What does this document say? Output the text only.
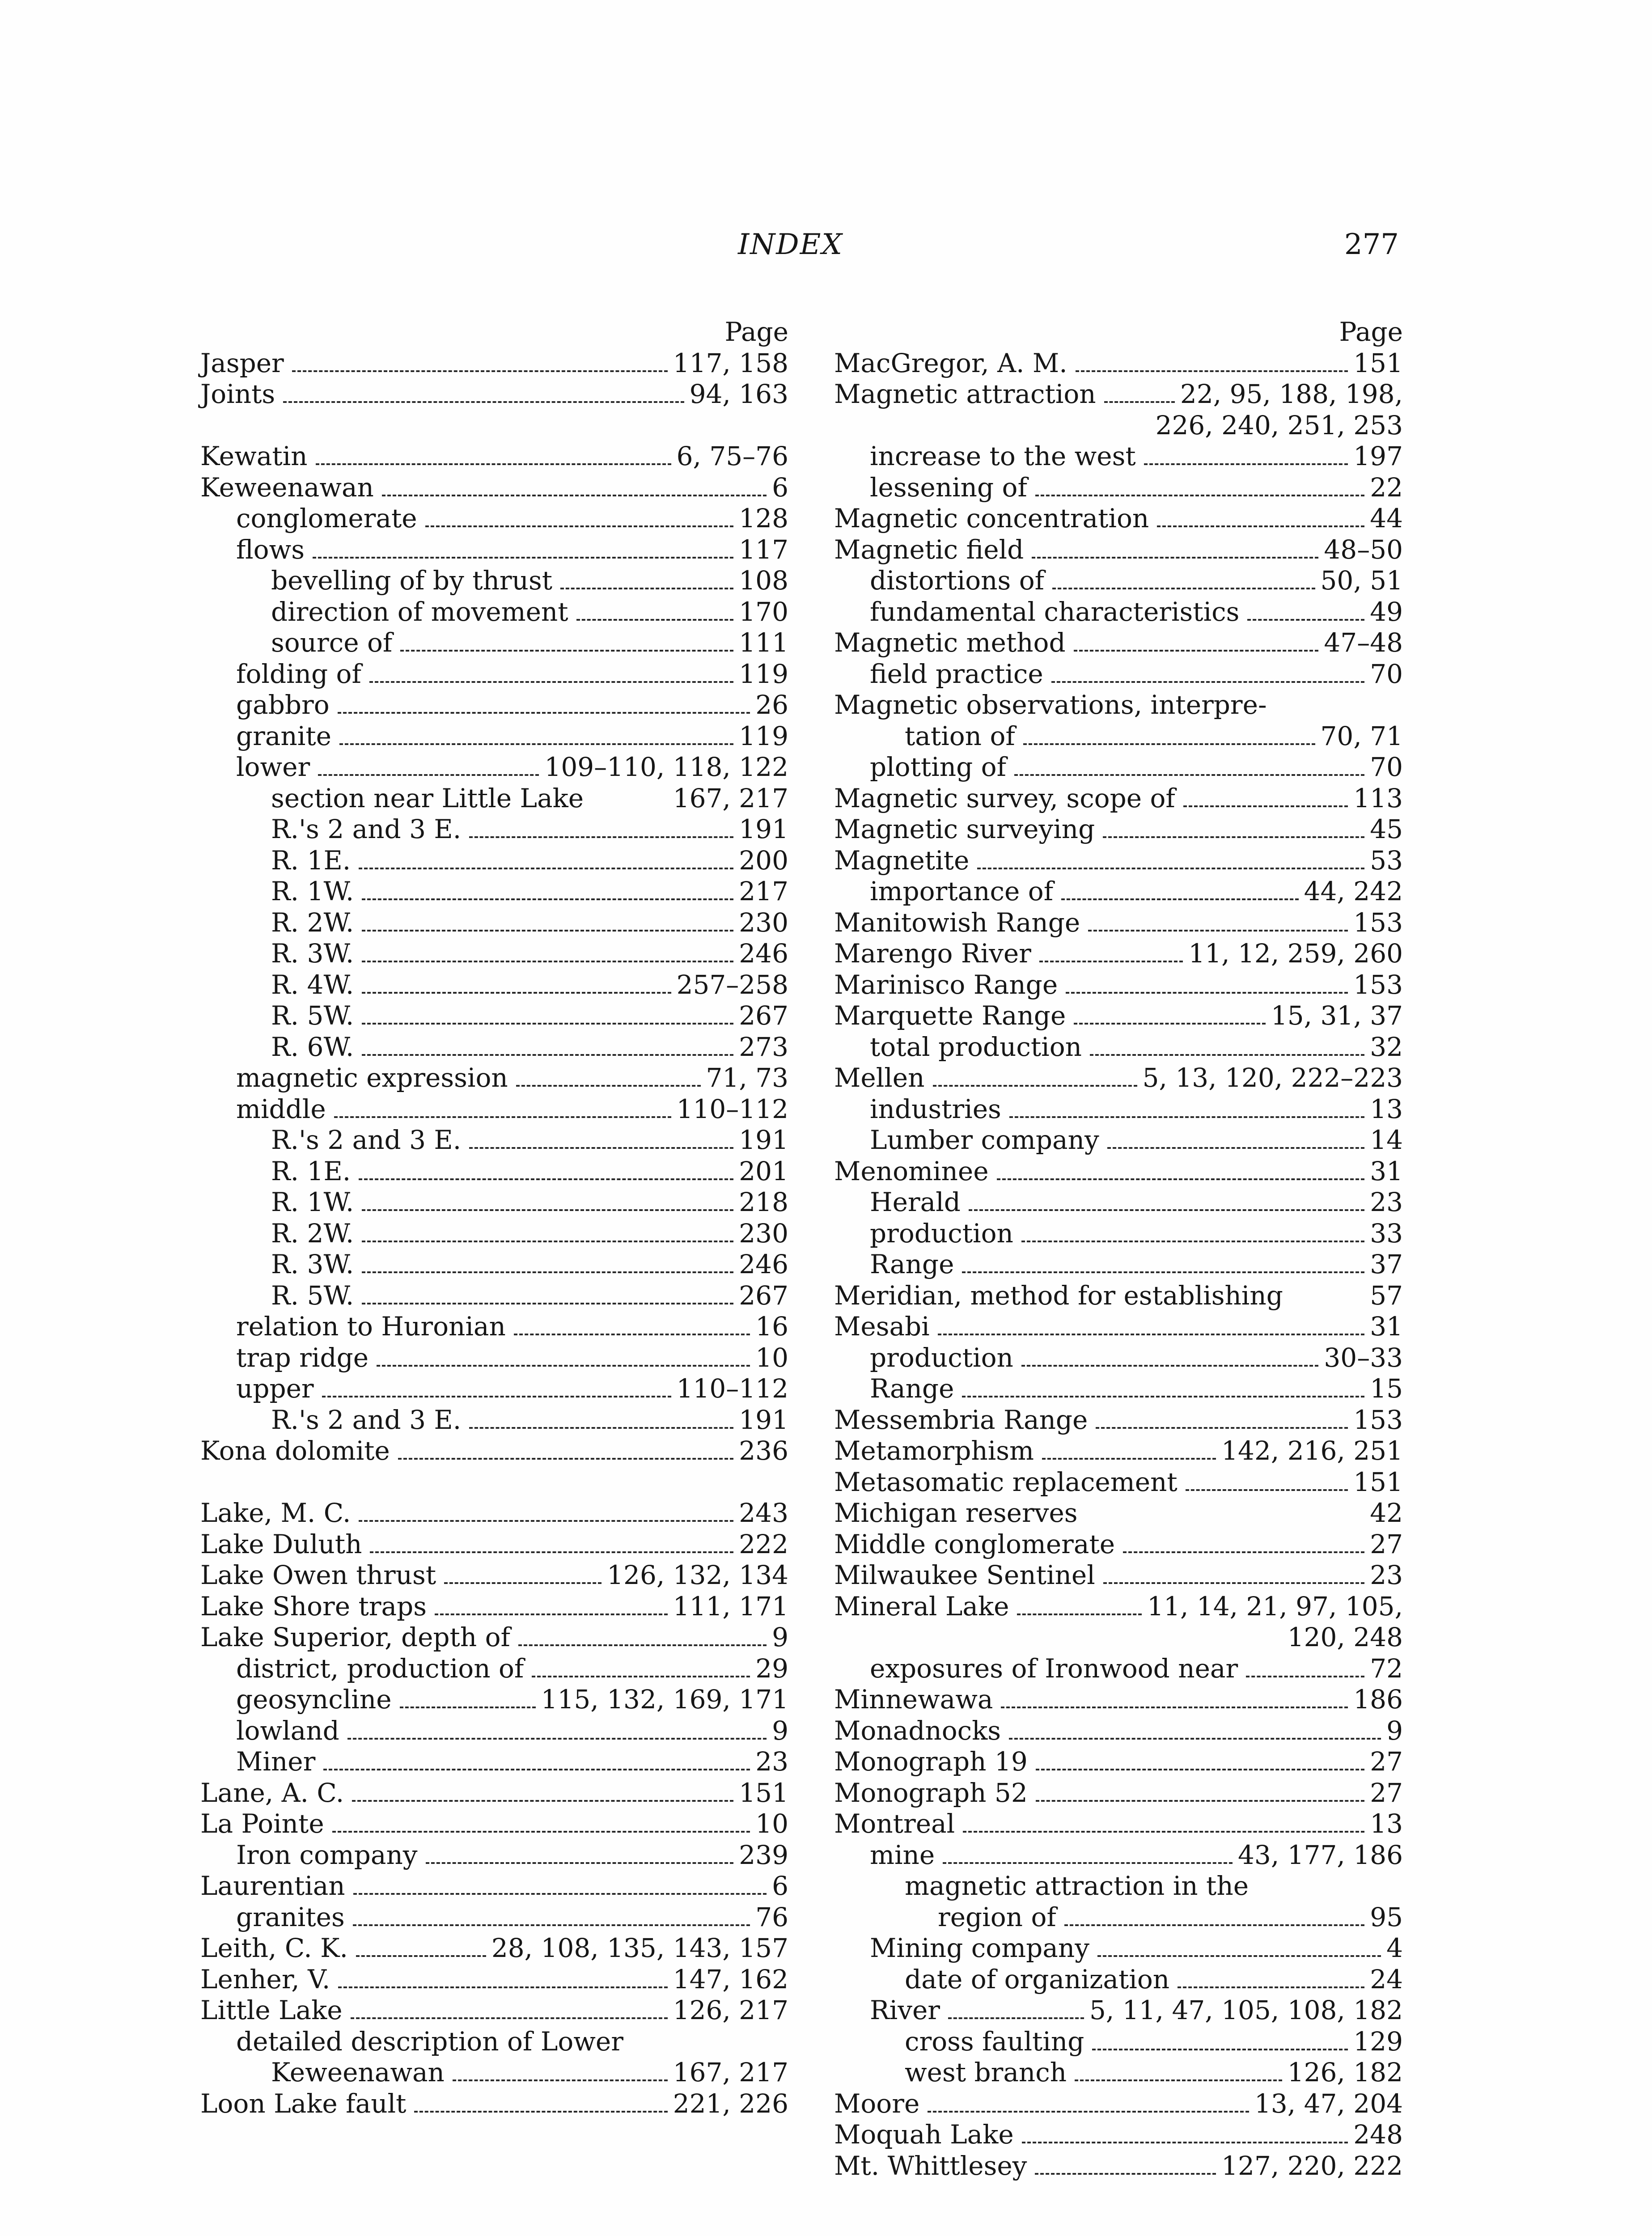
INDEX	277
Page
Jasper	117, 158
Joints	94, 163
Kewatin	6, 75–76
Keweenawan	6
conglomerate	128
flows	117
bevelling of by thrust	108
direction of movement	170
source of	111
folding of	119
gabbro	26
granite	119
lower	109–110, 118, 122
section near Little Lake	167, 217
R.'s 2 and 3 E.	191
R. 1E.	200
R. 1W.	217
R. 2W.	230
R. 3W.	246
R. 4W.	257–258
R. 5W.	267
R. 6W.	273
magnetic expression	71, 73
middle	110–112
R.'s 2 and 3 E.	191
R. 1E.	201
R. 1W.	218
R. 2W.	230
R. 3W.	246
R. 5W.	267
relation to Huronian	16
trap ridge	10
upper	110–112
R.'s 2 and 3 E.	191
Kona dolomite	236
Lake, M. C.	243
Lake Duluth	222
Lake Owen thrust	126, 132, 134
Lake Shore traps	111, 171
Lake Superior, depth of	9
district, production of	29
geosyncline	115, 132, 169, 171
lowland	9
Miner	23
Lane, A. C.	151
La Pointe	10
Iron company	239
Laurentian	6
granites	76
Leith, C. K.	28, 108, 135, 143, 157
Lenher, V.	147, 162
Little Lake	126, 217
detailed description of Lower
Keweenawan	167, 217
Loon Lake fault	221, 226
Page
MacGregor, A. M.	151
Magnetic attraction	22, 95, 188, 198,
226, 240, 251, 253
increase to the west	197
lessening of	22
Magnetic concentration	44
Magnetic field	48–50
distortions of	50, 51
fundamental characteristics	49
Magnetic method	47–48
field practice	70
Magnetic observations, interpre-
tation of	70, 71
plotting of	70
Magnetic survey, scope of	113
Magnetic surveying	45
Magnetite	53
importance of	44, 242
Manitowish Range	153
Marengo River	11, 12, 259, 260
Marinisco Range	153
Marquette Range	15, 31, 37
total production	32
Mellen	5, 13, 120, 222–223
industries	13
Lumber company	14
Menominee	31
Herald	23
production	33
Range	37
Meridian, method for establishing	57
Mesabi	31
production	30–33
Range	15
Messembria Range	153
Metamorphism	142, 216, 251
Metasomatic replacement	151
Michigan reserves	42
Middle conglomerate	27
Milwaukee Sentinel	23
Mineral Lake	11, 14, 21, 97, 105,
120, 248
exposures of Ironwood near	72
Minnewawa	186
Monadnocks	9
Monograph 19	27
Monograph 52	27
Montreal	13
mine	43, 177, 186
magnetic attraction in the
region of	95
Mining company	4
date of organization	24
River	5, 11, 47, 105, 108, 182
cross faulting	129
west branch	126, 182
Moore	13, 47, 204
Moquah Lake	248
Mt. Whittlesey	127, 220, 222
